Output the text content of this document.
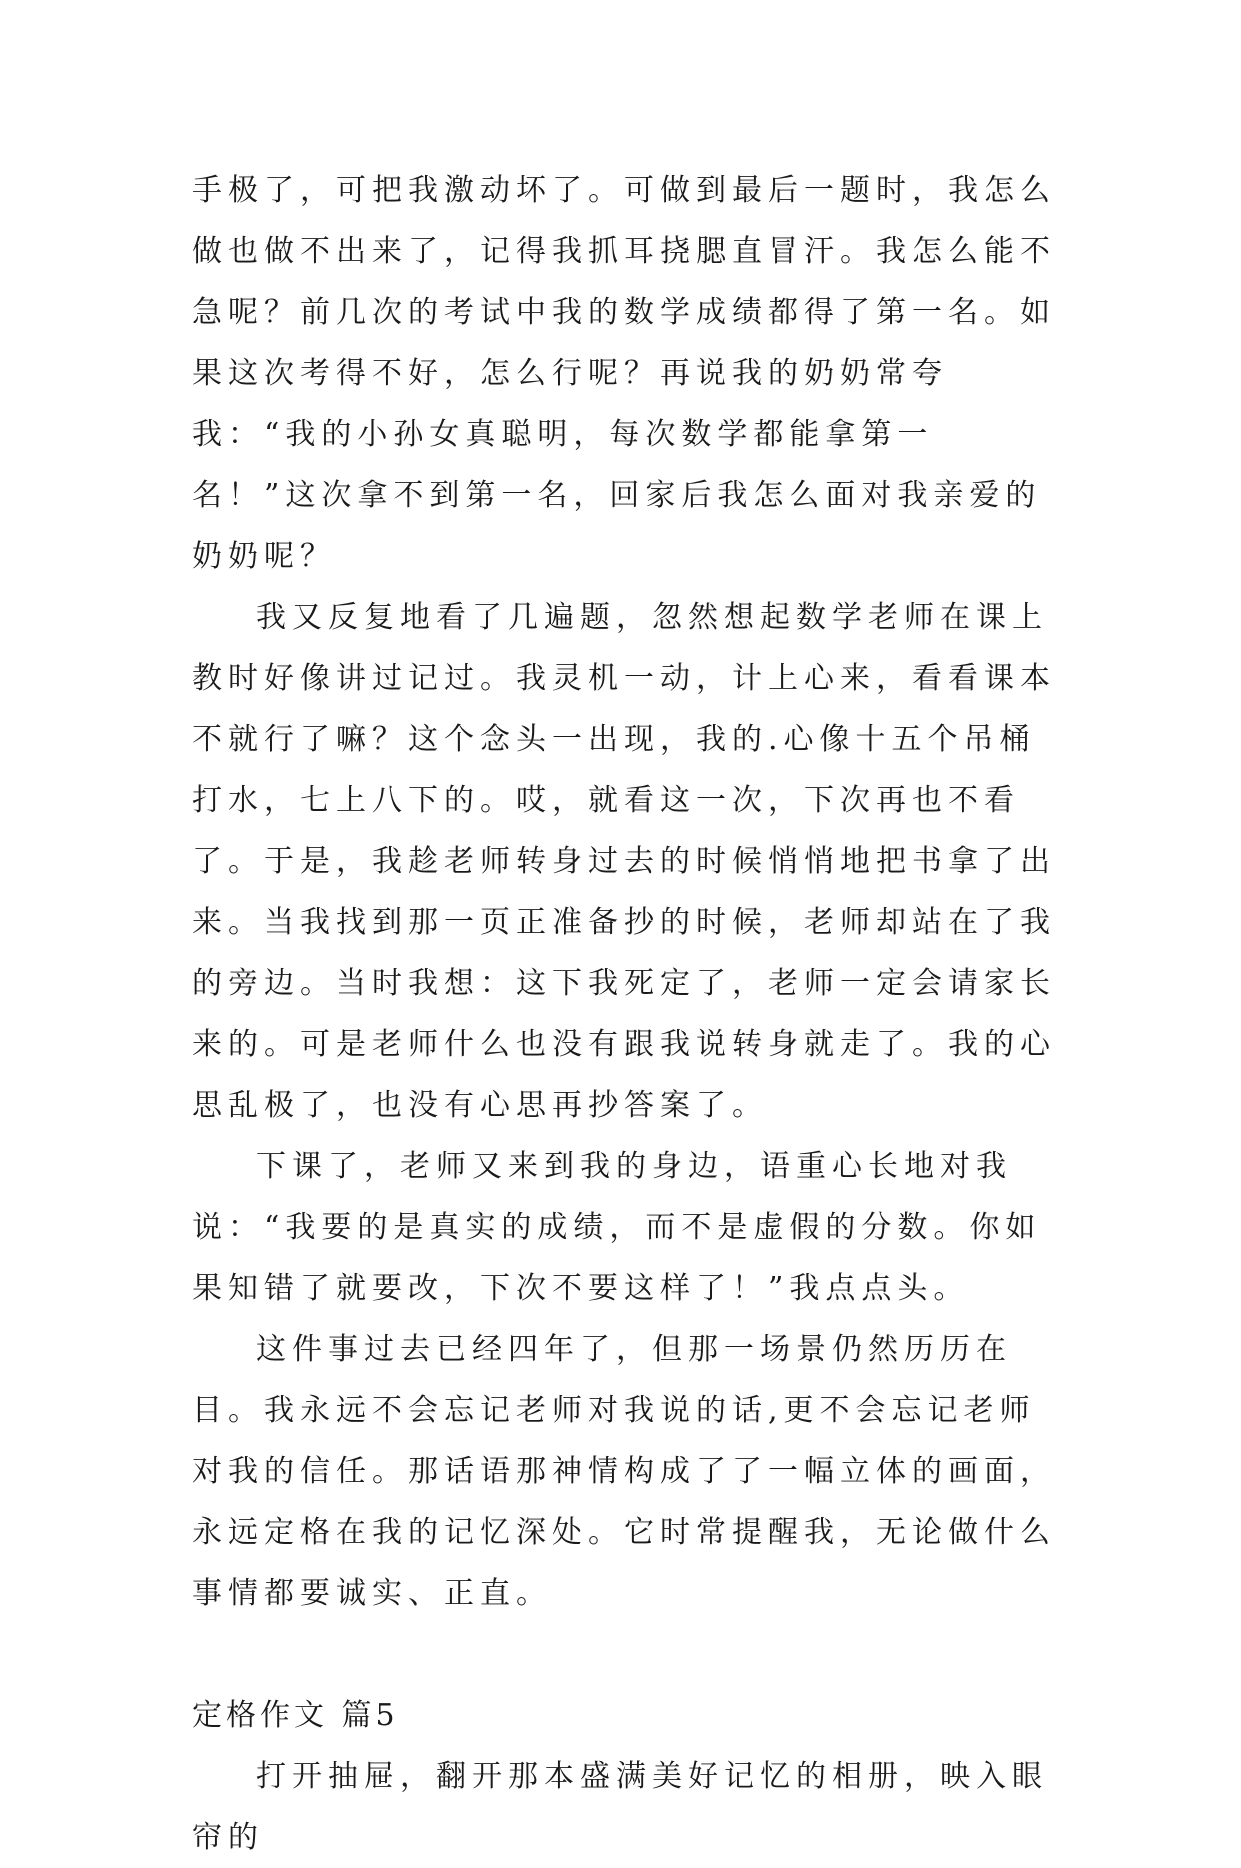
手极了，可把我激动坏了。可做到最后一题时，我怎么做也做不出来了，记得我抓耳挠腮直冒汗。我怎么能不急呢？前几次的考试中我的数学成绩都得了第一名。如果这次考得不好，怎么行呢？再说我的奶奶常夸我：“我的小孙女真聪明，每次数学都能拿第一名！”这次拿不到第一名，回家后我怎么面对我亲爱的奶奶呢？

我又反复地看了几遍题，忽然想起数学老师在课上教时好像讲过记过。我灵机一动，计上心来，看看课本不就行了嘛？这个念头一出现，我的.心像十五个吊桶打水，七上八下的。哎，就看这一次，下次再也不看了。于是，我趁老师转身过去的时候悄悄地把书拿了出来。当我找到那一页正准备抄的时候，老师却站在了我的旁边。当时我想：这下我死定了，老师一定会请家长来的。可是老师什么也没有跟我说转身就走了。我的心思乱极了，也没有心思再抄答案了。

下课了，老师又来到我的身边，语重心长地对我说：“我要的是真实的成绩，而不是虚假的分数。你如果知错了就要改，下次不要这样了！”我点点头。

这件事过去已经四年了，但那一场景仍然历历在目。我永远不会忘记老师对我说的话,更不会忘记老师对我的信任。那话语那神情构成了了一幅立体的画面，永远定格在我的记忆深处。它时常提醒我，无论做什么事情都要诚实、正直。

定格作文 篇5

打开抽屉，翻开那本盛满美好记忆的相册，映入眼帘的
